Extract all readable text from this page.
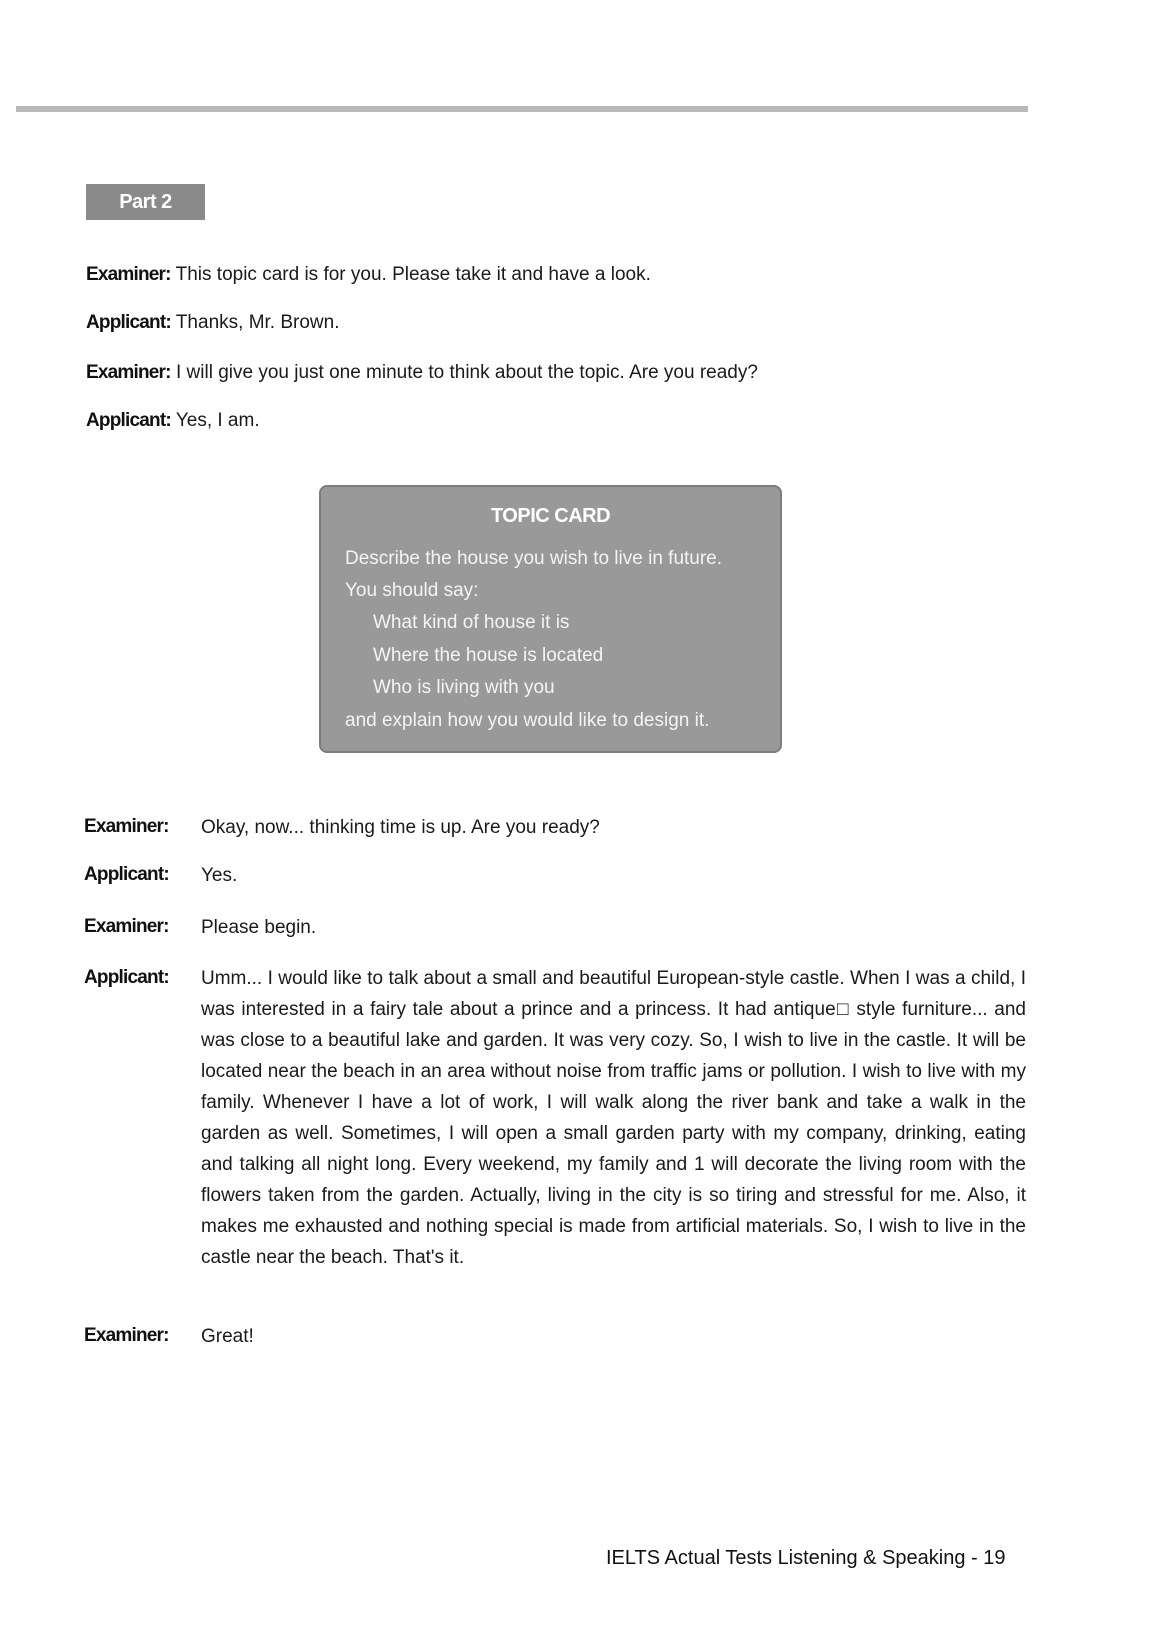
Part 2
Examiner: This topic card is for you. Please take it and have a look.
Applicant: Thanks, Mr. Brown.
Examiner: I will give you just one minute to think about the topic. Are you ready?
Applicant: Yes, I am.
TOPIC CARD
Describe the house you wish to live in future.
You should say:
What kind of house it is
Where the house is located
Who is living with you
and explain how you would like to design it.
Examiner: Okay, now... thinking time is up. Are you ready?
Applicant: Yes.
Examiner: Please begin.
Applicant: Umm... I would like to talk about a small and beautiful European-style castle. When I was a child, I was interested in a fairy tale about a prince and a princess. It had antique□ style furniture... and was close to a beautiful lake and garden. It was very cozy. So, I wish to live in the castle. It will be located near the beach in an area without noise from traffic jams or pollution. I wish to live with my family. Whenever I have a lot of work, I will walk along the river bank and take a walk in the garden as well. Sometimes, I will open a small garden party with my company, drinking, eating and talking all night long. Every weekend, my family and 1 will decorate the living room with the flowers taken from the garden. Actually, living in the city is so tiring and stressful for me. Also, it makes me exhausted and nothing special is made from artificial materials. So, I wish to live in the castle near the beach. That's it.
Examiner: Great!
IELTS Actual Tests Listening & Speaking - 19
